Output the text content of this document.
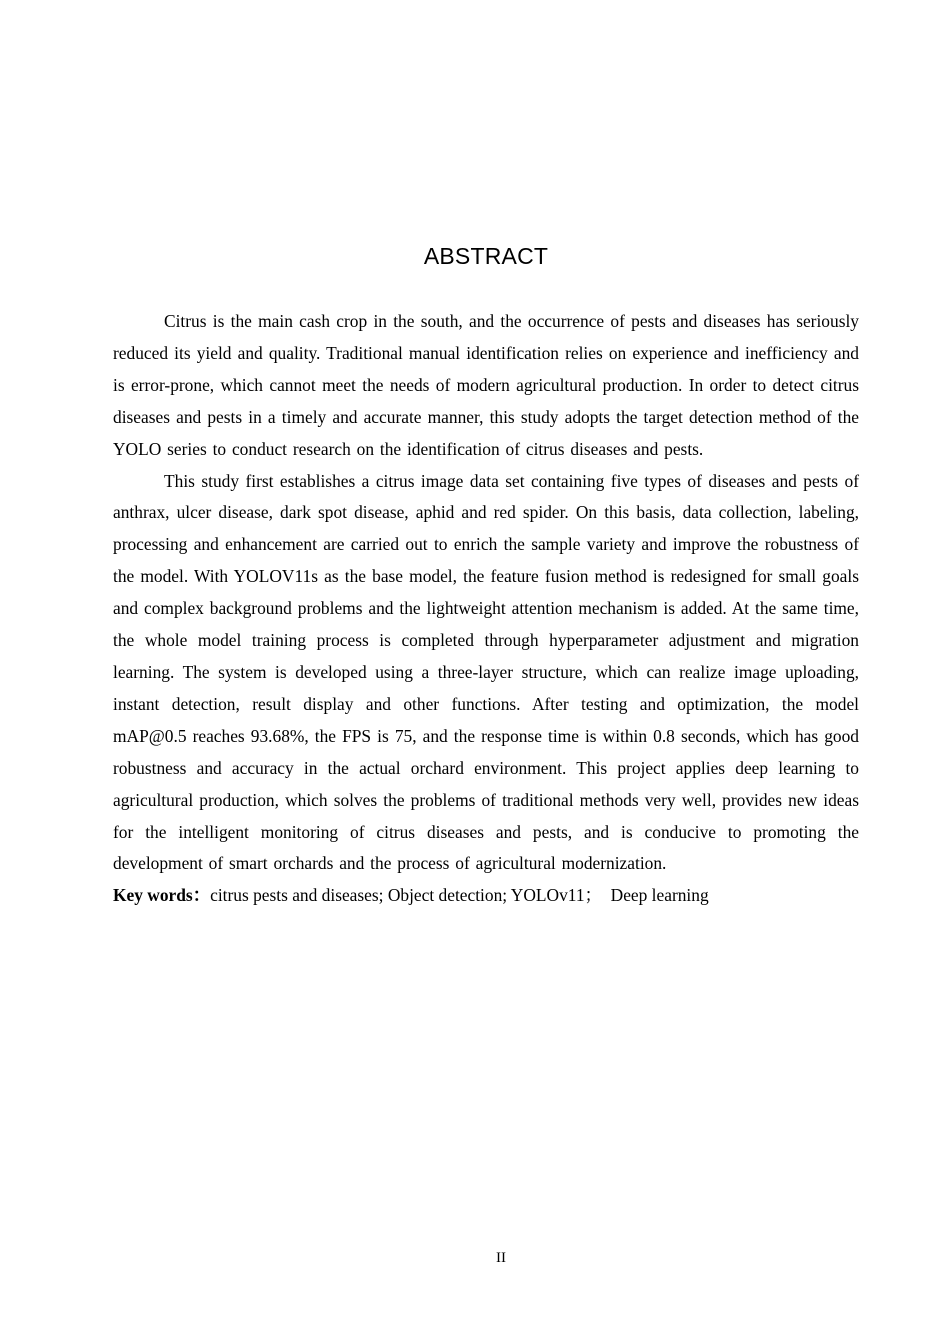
ABSTRACT

Citrus is the main cash crop in the south, and the occurrence of pests and diseases has seriously reduced its yield and quality. Traditional manual identification relies on experience and inefficiency and is error-prone, which cannot meet the needs of modern agricultural production. In order to detect citrus diseases and pests in a timely and accurate manner, this study adopts the target detection method of the YOLO series to conduct research on the identification of citrus diseases and pests.

This study first establishes a citrus image data set containing five types of diseases and pests of anthrax, ulcer disease, dark spot disease, aphid and red spider. On this basis, data collection, labeling, processing and enhancement are carried out to enrich the sample variety and improve the robustness of the model. With YOLOV11s as the base model, the feature fusion method is redesigned for small goals and complex background problems and the lightweight attention mechanism is added. At the same time, the whole model training process is completed through hyperparameter adjustment and migration learning. The system is developed using a three-layer structure, which can realize image uploading, instant detection, result display and other functions. After testing and optimization, the model mAP@0.5 reaches 93.68%, the FPS is 75, and the response time is within 0.8 seconds, which has good robustness and accuracy in the actual orchard environment. This project applies deep learning to agricultural production, which solves the problems of traditional methods very well, provides new ideas for the intelligent monitoring of citrus diseases and pests, and is conducive to promoting the development of smart orchards and the process of agricultural modernization.

Key words：citrus pests and diseases; Object detection; YOLOv11；  Deep learning

II
